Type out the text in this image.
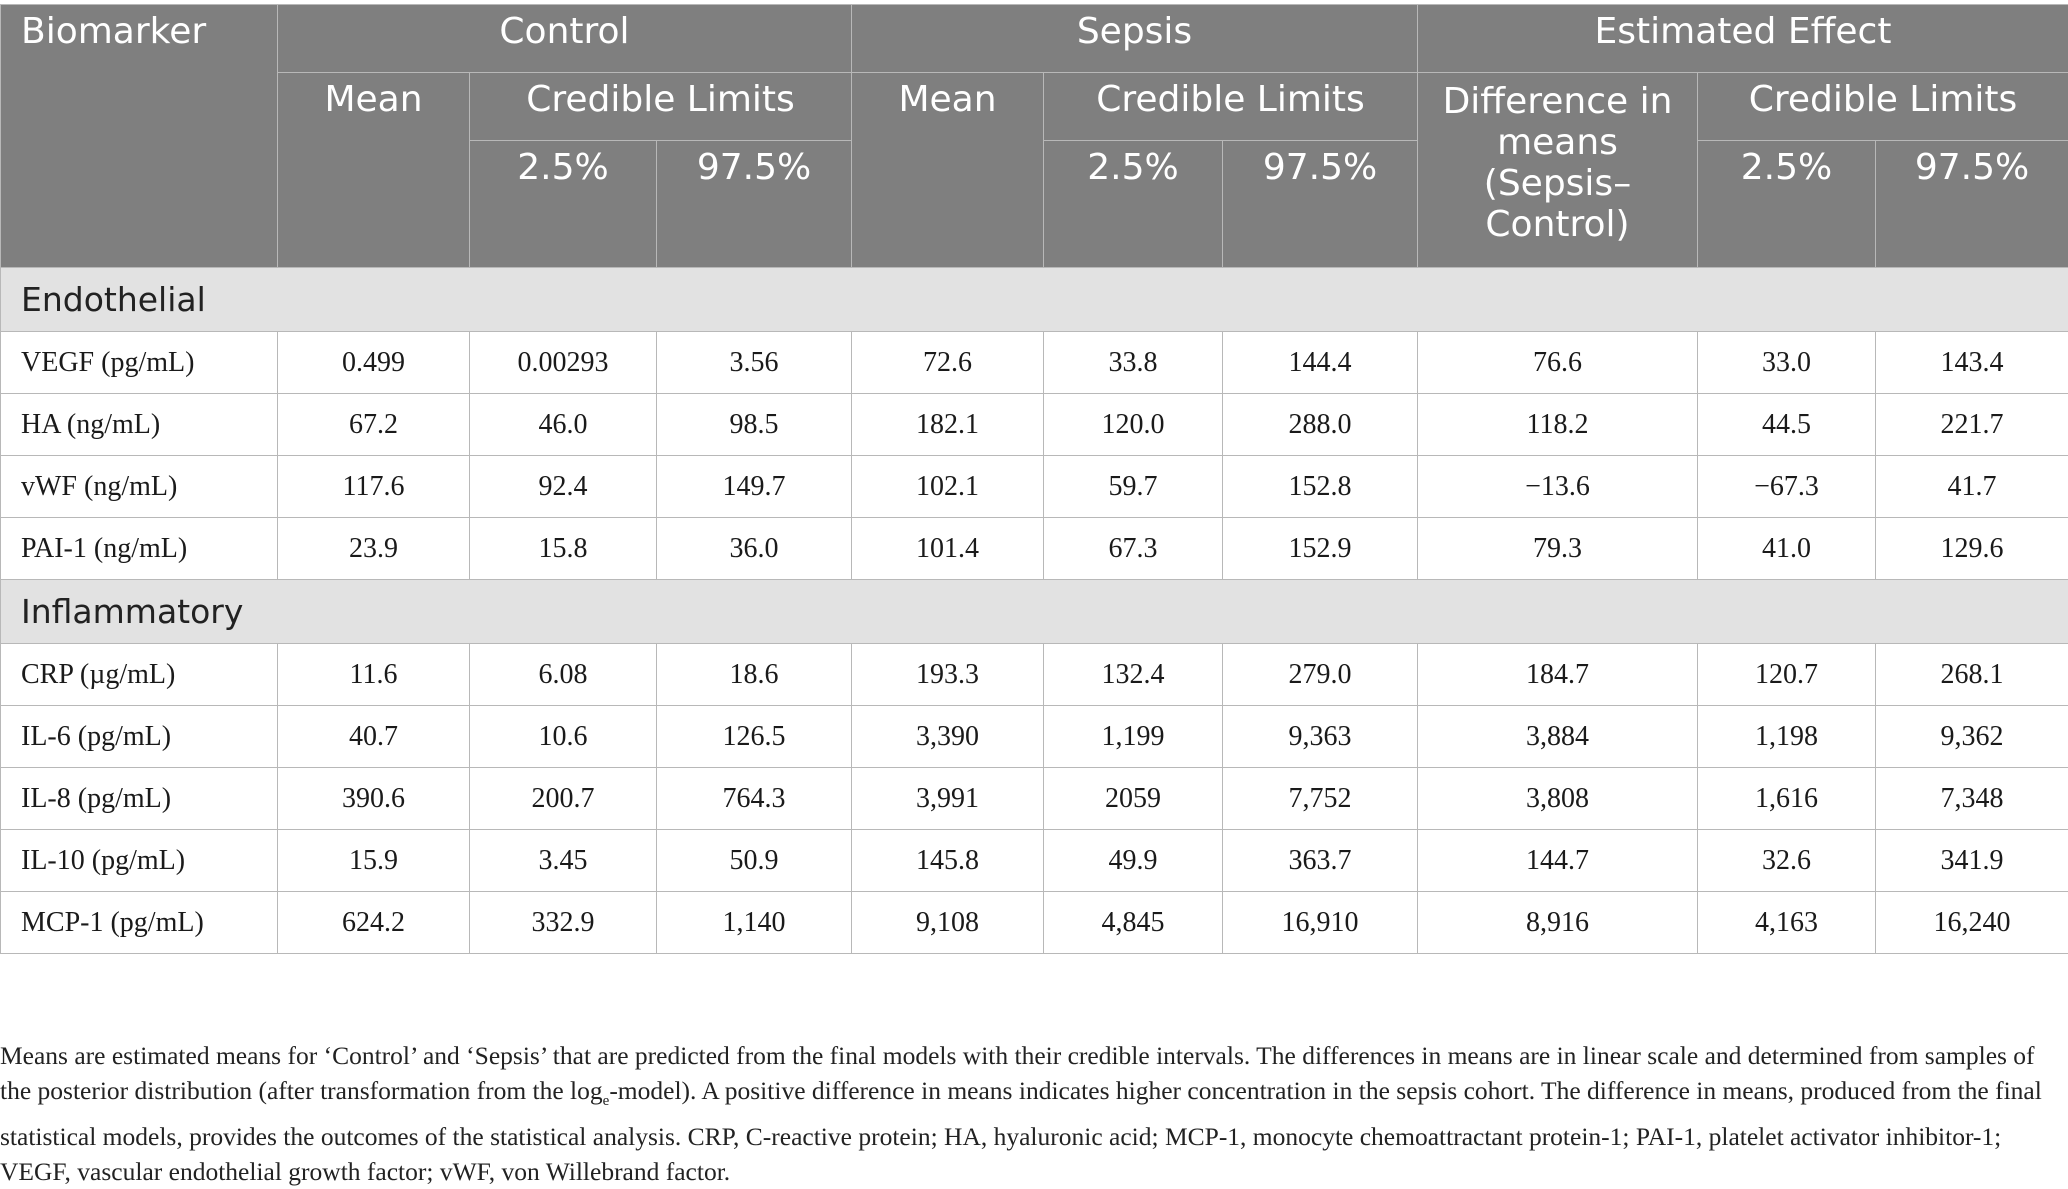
Biomarker	Control			Sepsis			Estimated Effect		
	Mean	Credible Limits		Mean	Credible Limits		Difference in means (Sepsis–Control)	Credible Limits	
		2.5%	97.5%		2.5%	97.5%		2.5%	97.5%
Endothelial									
VEGF (pg/mL)	0.499	0.00293	3.56	72.6	33.8	144.4	76.6	33.0	143.4
HA (ng/mL)	67.2	46.0	98.5	182.1	120.0	288.0	118.2	44.5	221.7
vWF (ng/mL)	117.6	92.4	149.7	102.1	59.7	152.8	−13.6	−67.3	41.7
PAI-1 (ng/mL)	23.9	15.8	36.0	101.4	67.3	152.9	79.3	41.0	129.6
Inflammatory									
CRP (µg/mL)	11.6	6.08	18.6	193.3	132.4	279.0	184.7	120.7	268.1
IL-6 (pg/mL)	40.7	10.6	126.5	3,390	1,199	9,363	3,884	1,198	9,362
IL-8 (pg/mL)	390.6	200.7	764.3	3,991	2059	7,752	3,808	1,616	7,348
IL-10 (pg/mL)	15.9	3.45	50.9	145.8	49.9	363.7	144.7	32.6	341.9
MCP-1 (pg/mL)	624.2	332.9	1,140	9,108	4,845	16,910	8,916	4,163	16,240

Means are estimated means for ‘Control’ and ‘Sepsis’ that are predicted from the final models with their credible intervals. The differences in means are in linear scale and determined from samples of the posterior distribution (after transformation from the $\log_e-model$). A positive difference in means indicates higher concentration in the sepsis cohort. The difference in means, produced from the final statistical models, provides the outcomes of the statistical analysis. CRP, C-reactive protein; HA, hyaluronic acid; MCP-1, monocyte chemoattractant protein-1; PAI-1, platelet activator inhibitor-1; VEGF, vascular endothelial growth factor; vWF, von Willebrand factor.
